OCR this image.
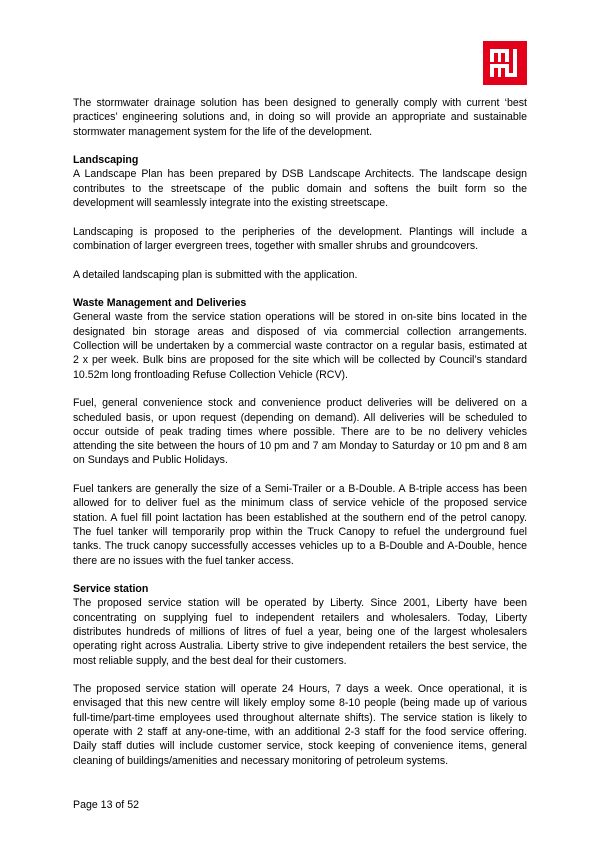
The stormwater drainage solution has been designed to generally comply with current ‘best practices’ engineering solutions and, in doing so will provide an appropriate and sustainable stormwater management system for the life of the development.

Landscaping

A Landscape Plan has been prepared by DSB Landscape Architects. The landscape design contributes to the streetscape of the public domain and softens the built form so the development will seamlessly integrate into the existing streetscape.

Landscaping is proposed to the peripheries of the development. Plantings will include a combination of larger evergreen trees, together with smaller shrubs and groundcovers.

A detailed landscaping plan is submitted with the application.

Waste Management and Deliveries

General waste from the service station operations will be stored in on-site bins located in the designated bin storage areas and disposed of via commercial collection arrangements. Collection will be undertaken by a commercial waste contractor on a regular basis, estimated at 2 x per week. Bulk bins are proposed for the site which will be collected by Council’s standard 10.52m long frontloading Refuse Collection Vehicle (RCV).

Fuel, general convenience stock and convenience product deliveries will be delivered on a scheduled basis, or upon request (depending on demand). All deliveries will be scheduled to occur outside of peak trading times where possible. There are to be no delivery vehicles attending the site between the hours of 10 pm and 7 am Monday to Saturday or 10 pm and 8 am on Sundays and Public Holidays.

Fuel tankers are generally the size of a Semi-Trailer or a B-Double. A B-triple access has been allowed for to deliver fuel as the minimum class of service vehicle of the proposed service station. A fuel fill point lactation has been established at the southern end of the petrol canopy. The fuel tanker will temporarily prop within the Truck Canopy to refuel the underground fuel tanks. The truck canopy successfully accesses vehicles up to a B-Double and A-Double, hence there are no issues with the fuel tanker access.

Service station

The proposed service station will be operated by Liberty. Since 2001, Liberty have been concentrating on supplying fuel to independent retailers and wholesalers. Today, Liberty distributes hundreds of millions of litres of fuel a year, being one of the largest wholesalers operating right across Australia. Liberty strive to give independent retailers the best service, the most reliable supply, and the best deal for their customers.

The proposed service station will operate 24 Hours, 7 days a week. Once operational, it is envisaged that this new centre will likely employ some 8-10 people (being made up of various full-time/part-time employees used throughout alternate shifts). The service station is likely to operate with 2 staff at any-one-time, with an additional 2-3 staff for the food service offering. Daily staff duties will include customer service, stock keeping of convenience items, general cleaning of buildings/amenities and necessary monitoring of petroleum systems.

Page 13 of 52
